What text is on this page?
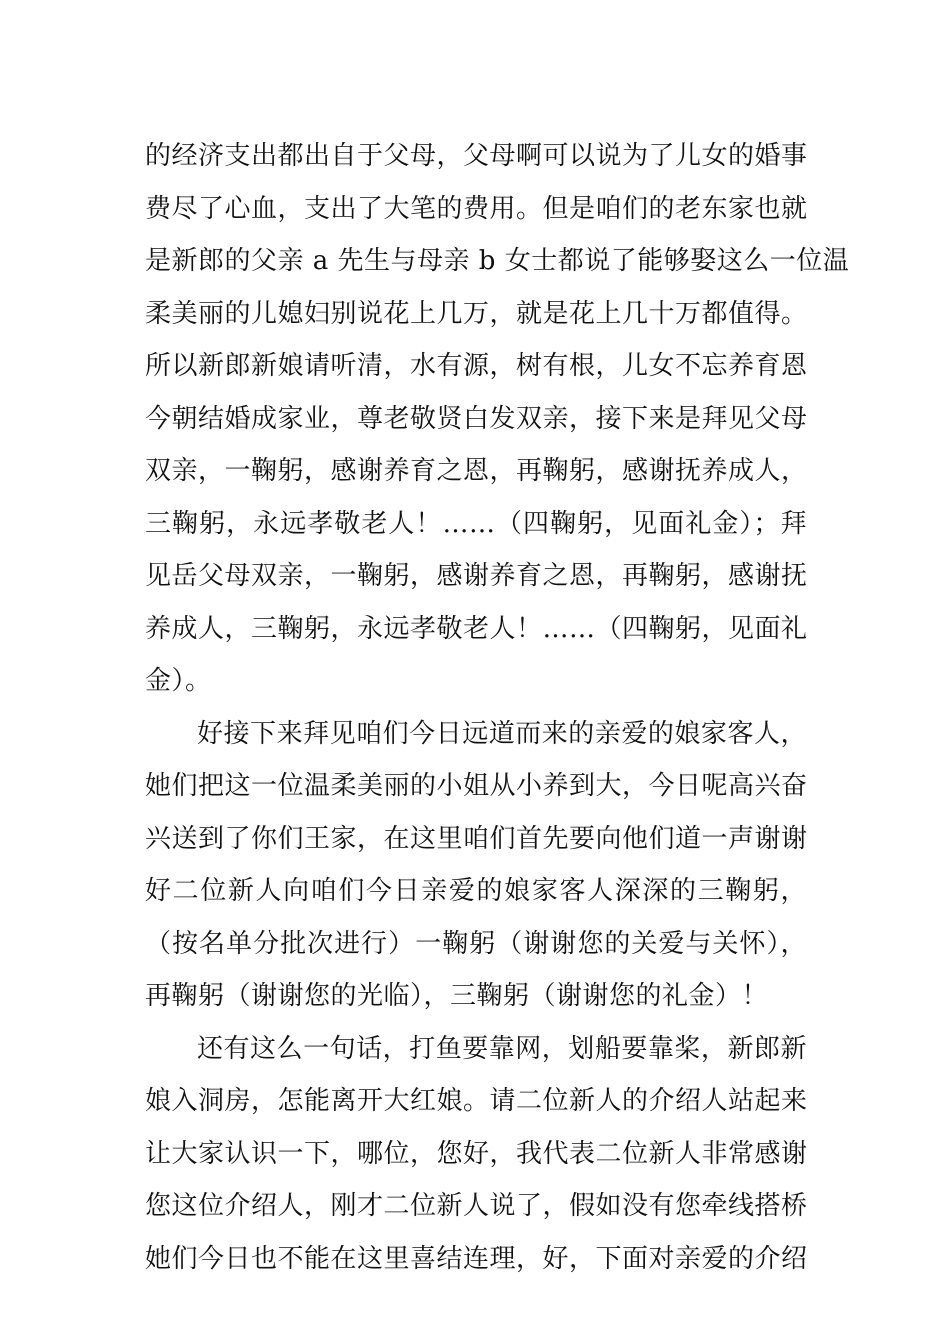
的经济支出都出自于父母，父母啊可以说为了儿女的婚事
费尽了心血，支出了大笔的费用。但是咱们的老东家也就
是新郎的父亲 a 先生与母亲 b 女士都说了能够娶这么一位温
柔美丽的儿媳妇别说花上几万，就是花上几十万都值得。
所以新郎新娘请听清，水有源，树有根，儿女不忘养育恩
今朝结婚成家业，尊老敬贤白发双亲，接下来是拜见父母
双亲，一鞠躬，感谢养育之恩，再鞠躬，感谢抚养成人，
三鞠躬，永远孝敬老人！……（四鞠躬，见面礼金）；拜
见岳父母双亲，一鞠躬，感谢养育之恩，再鞠躬，感谢抚
养成人，三鞠躬，永远孝敬老人！……（四鞠躬，见面礼
金）。
好接下来拜见咱们今日远道而来的亲爱的娘家客人，
她们把这一位温柔美丽的小姐从小养到大，今日呢高兴奋
兴送到了你们王家，在这里咱们首先要向他们道一声谢谢
好二位新人向咱们今日亲爱的娘家客人深深的三鞠躬，
（按名单分批次进行）一鞠躬（谢谢您的关爱与关怀），
再鞠躬（谢谢您的光临），三鞠躬（谢谢您的礼金）！
还有这么一句话，打鱼要靠网，划船要靠桨，新郎新
娘入洞房，怎能离开大红娘。请二位新人的介绍人站起来
让大家认识一下，哪位，您好，我代表二位新人非常感谢
您这位介绍人，刚才二位新人说了，假如没有您牵线搭桥
她们今日也不能在这里喜结连理，好，下面对亲爱的介绍
